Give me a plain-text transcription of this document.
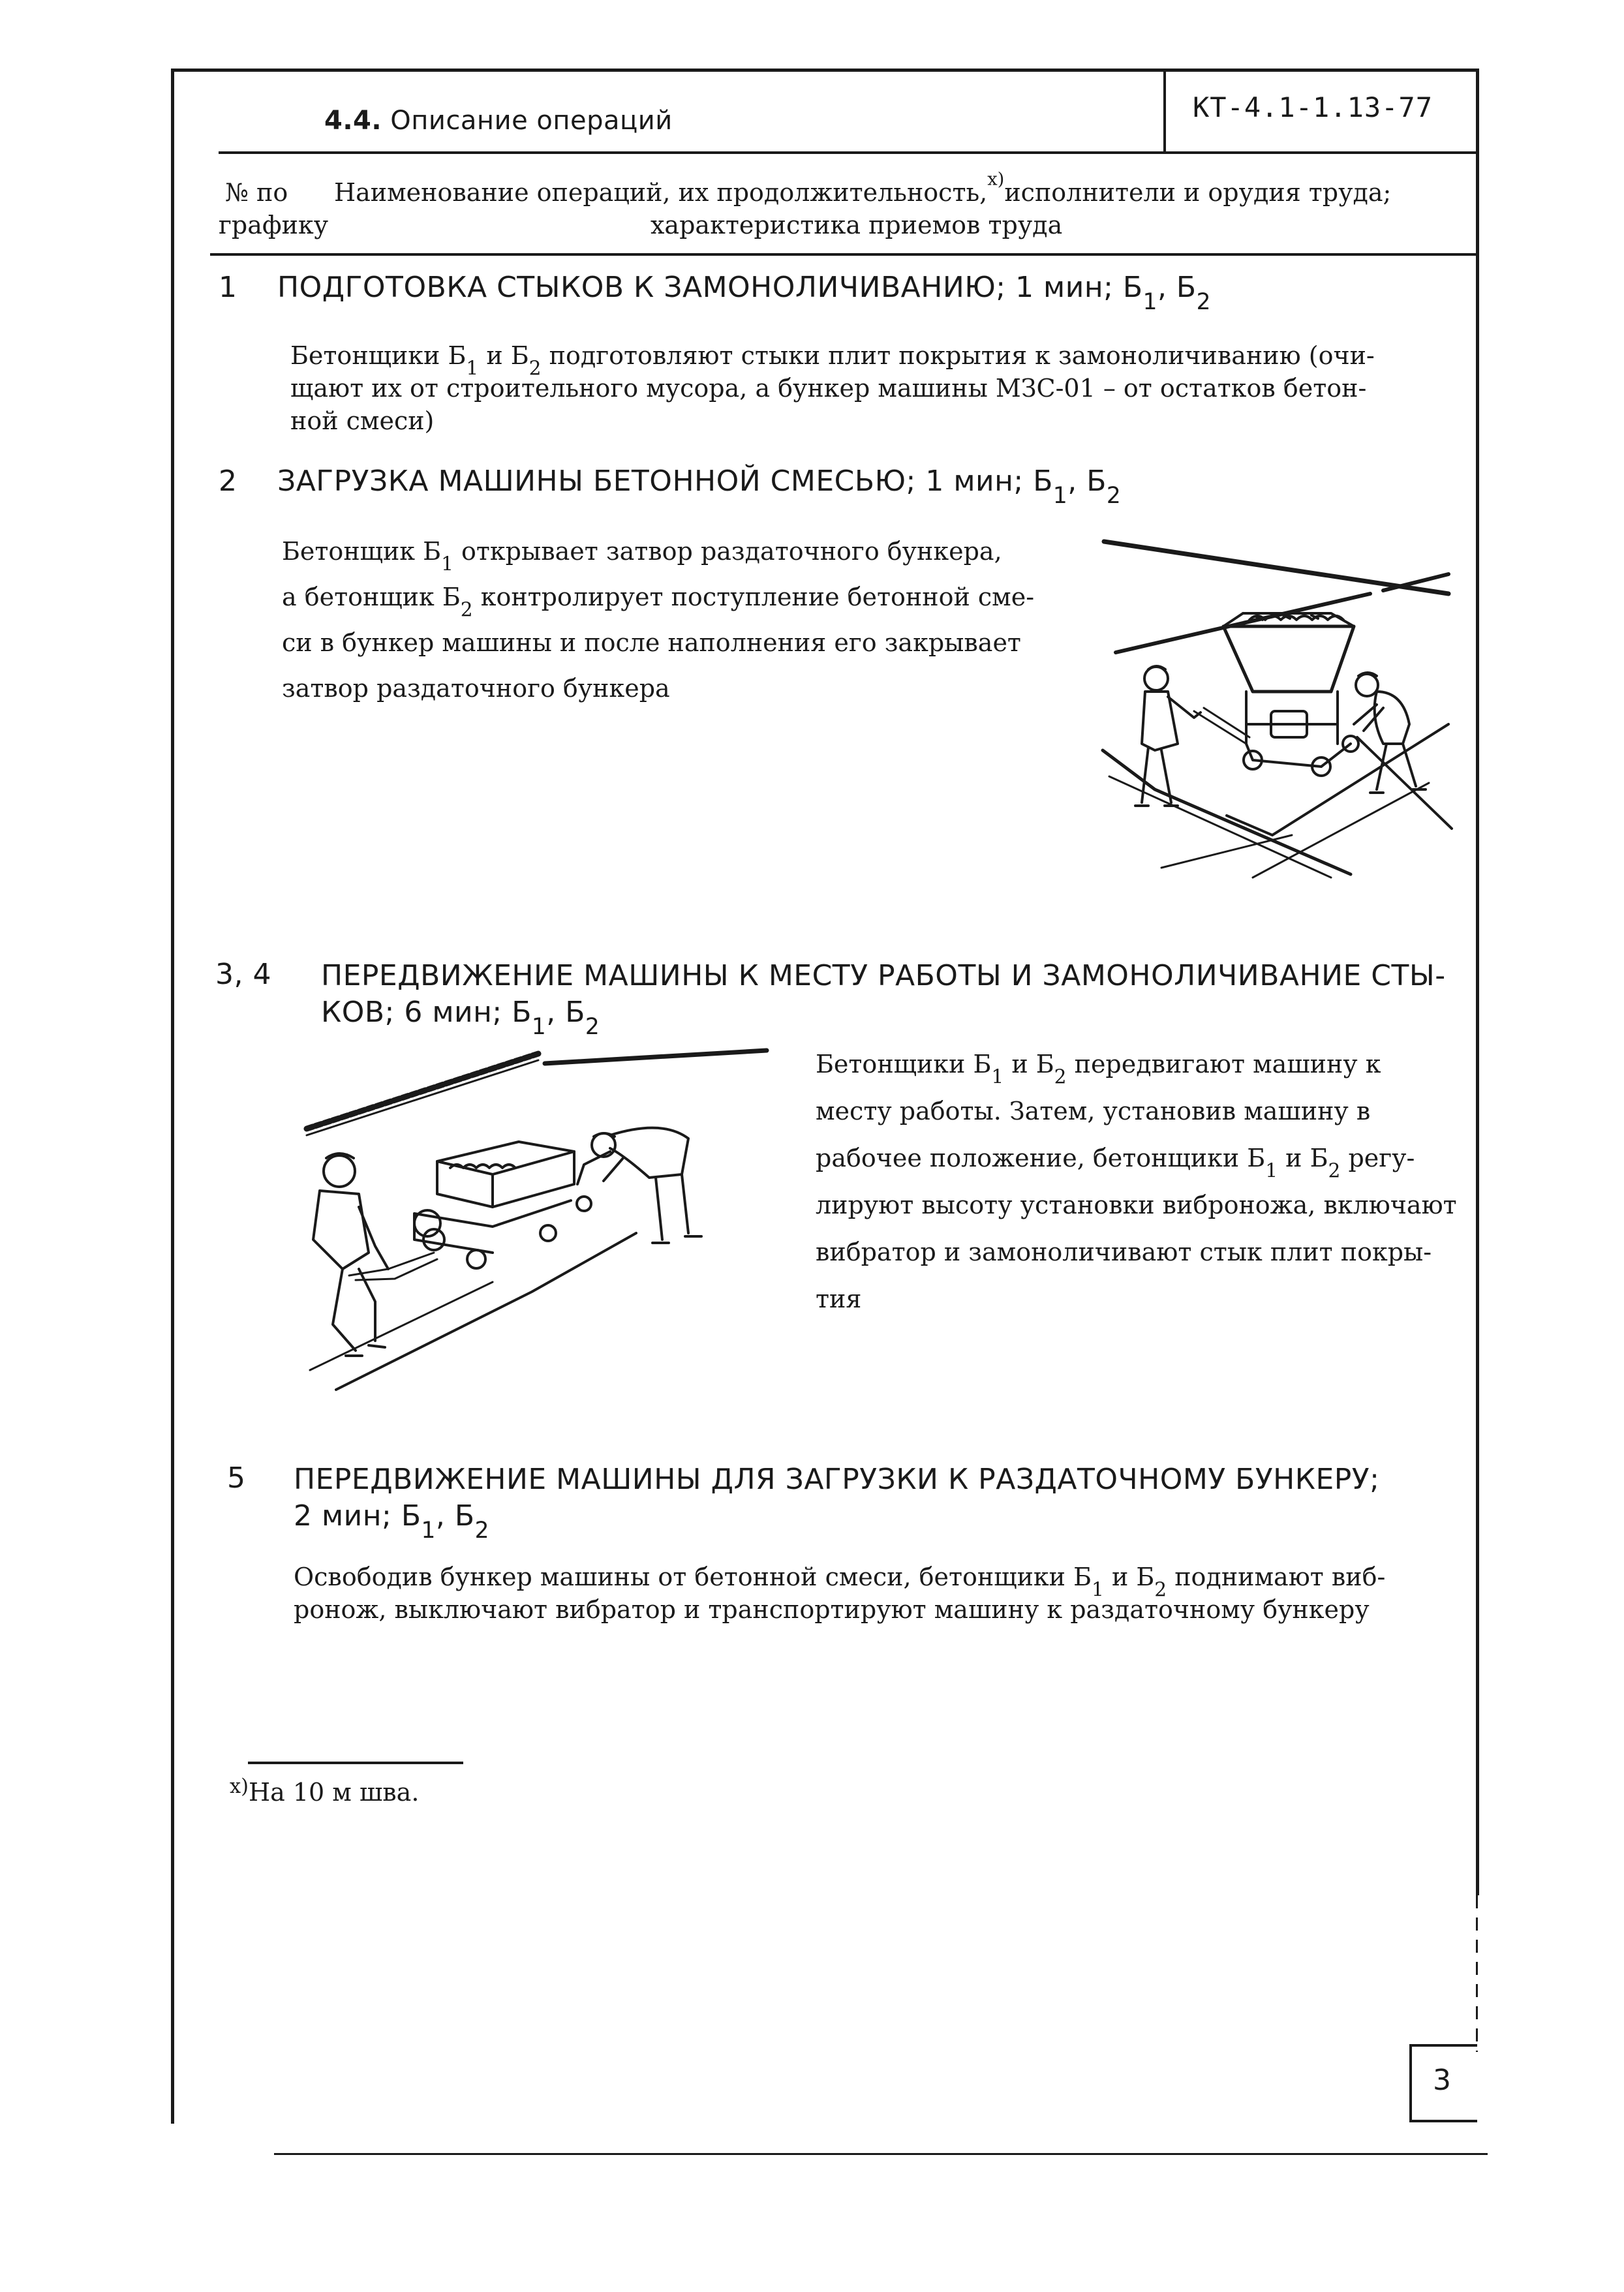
4.4. Описание операций	КТ-4.1-1.13-77
№ по
графику
Наименование операций, их продолжительность,$^{x)}$исполнители и орудия труда;
характеристика приемов труда
1 ПОДГОТОВКА СТЫКОВ К ЗАМОНОЛИЧИВАНИЮ; 1 мин; $Б_1$, $Б_2$
Бетонщики $Б_1$ и $Б_2$ подготовляют стыки плит покрытия к замоноличиванию (очи-
щают их от строительного мусора, а бункер машины МЗС-01 – от остатков бетон-
ной смеси)
2 ЗАГРУЗКА МАШИНЫ БЕТОННОЙ СМЕСЬЮ; 1 мин; $Б_1$, $Б_2$
Бетонщик $Б_1$ открывает затвор раздаточного бункера,
а бетонщик $Б_2$ контролирует поступление бетонной сме-
си в бункер машины и после наполнения его закрывает
затвор раздаточного бункера
3, 4 ПЕРЕДВИЖЕНИЕ МАШИНЫ К МЕСТУ РАБОТЫ И ЗАМОНОЛИЧИВАНИЕ СТЫ-
КОВ; 6 мин; $Б_1$, $Б_2$
Бетонщики $Б_1$ и $Б_2$ передвигают машину к
месту работы. Затем, установив машину в
рабочее положение, бетонщики $Б_1$ и $Б_2$ регу-
лируют высоту установки виброножа, включают
вибратор и замоноличивают стык плит покры-
тия
5 ПЕРЕДВИЖЕНИЕ МАШИНЫ ДЛЯ ЗАГРУЗКИ К РАЗДАТОЧНОМУ БУНКЕРУ;
2 мин; $Б_1$, $Б_2$
Освободив бункер машины от бетонной смеси, бетонщики $Б_1$ и $Б_2$ поднимают виб-
ронож, выключают вибратор и транспортируют машину к раздаточному бункеру
$^{x)}$На 10 м шва.
3
